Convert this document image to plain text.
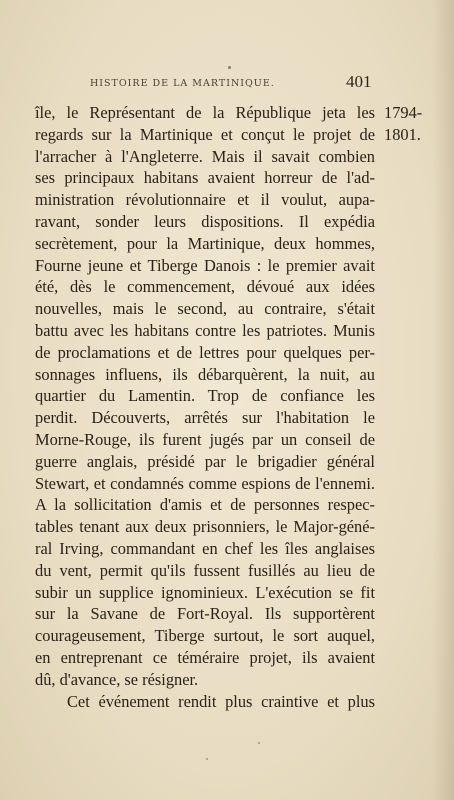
HISTOIRE DE LA MARTINIQUE.	401
1794-
1801.
île, le Représentant de la République jeta les
regards sur la Martinique et conçut le projet de
l'arracher à l'Angleterre. Mais il savait combien
ses principaux habitans avaient horreur de l'ad-
ministration révolutionnaire et il voulut, aupa-
ravant, sonder leurs dispositions. Il expédia
secrètement, pour la Martinique, deux hommes,
Fourne jeune et Tiberge Danois : le premier avait
été, dès le commencement, dévoué aux idées
nouvelles, mais le second, au contraire, s'était
battu avec les habitans contre les patriotes. Munis
de proclamations et de lettres pour quelques per-
sonnages influens, ils débarquèrent, la nuit, au
quartier du Lamentin. Trop de confiance les
perdit. Découverts, arrêtés sur l'habitation le
Morne-Rouge, ils furent jugés par un conseil de
guerre anglais, présidé par le brigadier général
Stewart, et condamnés comme espions de l'ennemi.
A la sollicitation d'amis et de personnes respec-
tables tenant aux deux prisonniers, le Major-géné-
ral Irving, commandant en chef les îles anglaises
du vent, permit qu'ils fussent fusillés au lieu de
subir un supplice ignominieux. L'exécution se fit
sur la Savane de Fort-Royal. Ils supportèrent
courageusement, Tiberge surtout, le sort auquel,
en entreprenant ce téméraire projet, ils avaient
dû, d'avance, se résigner.
Cet événement rendit plus craintive et plus
